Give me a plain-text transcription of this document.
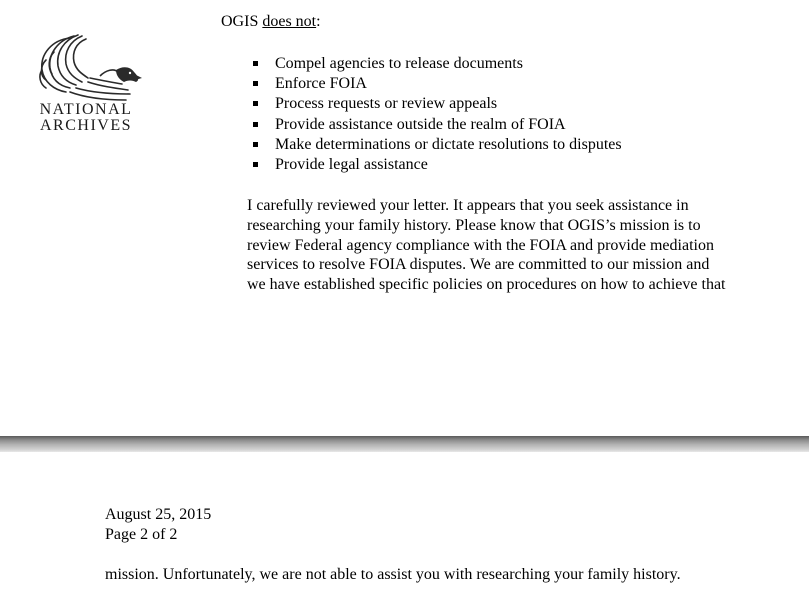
NATIONAL
ARCHIVES

OGIS does not:

Compel agencies to release documents
Enforce FOIA
Process requests or review appeals
Provide assistance outside the realm of FOIA
Make determinations or dictate resolutions to disputes
Provide legal assistance

I carefully reviewed your letter. It appears that you seek assistance in
researching your family history. Please know that OGIS’s mission is to
review Federal agency compliance with the FOIA and provide mediation
services to resolve FOIA disputes. We are committed to our mission and
we have established specific policies on procedures on how to achieve that

August 25, 2015

Page 2 of 2

mission. Unfortunately, we are not able to assist you with researching your family history.
